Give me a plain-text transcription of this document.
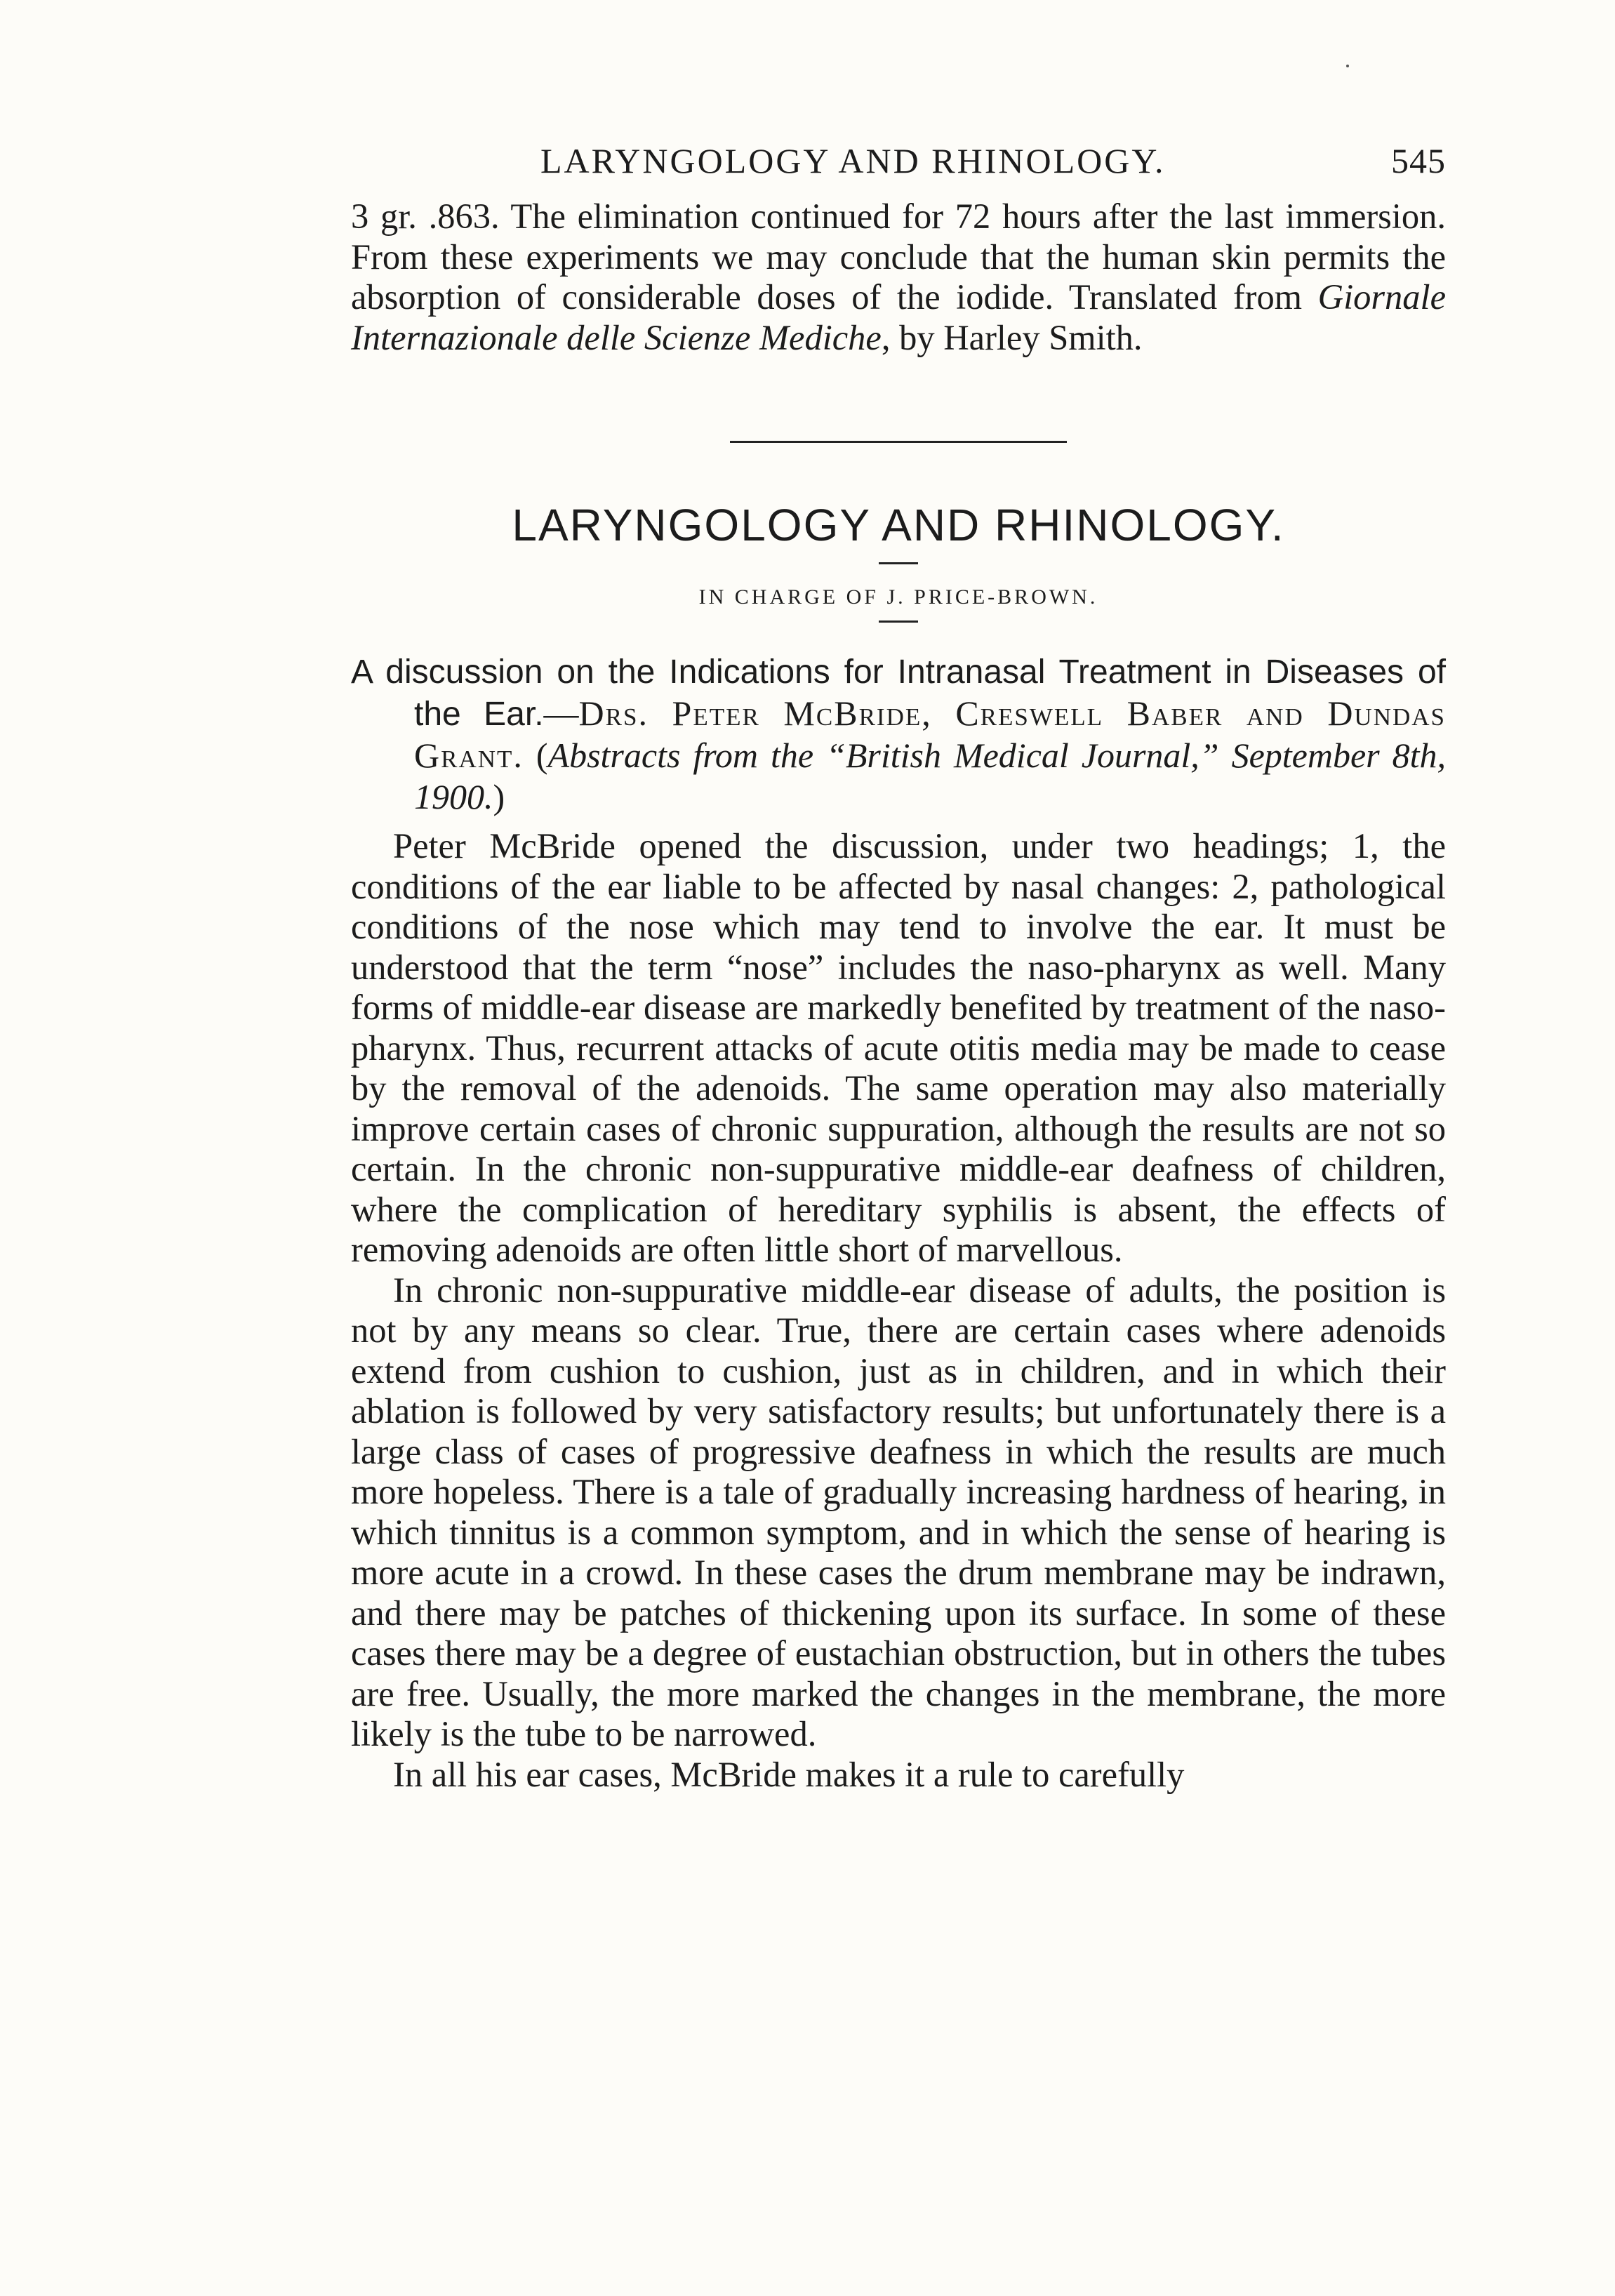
LARYNGOLOGY AND RHINOLOGY.	545

3 gr. .863. The elimination continued for 72 hours after the last immersion. From these experiments we may conclude that the human skin permits the absorption of considerable doses of the iodide. Translated from Giornale Internazionale delle Scienze Mediche, by Harley Smith.

LARYNGOLOGY AND RHINOLOGY.
IN CHARGE OF J. PRICE-BROWN.

A discussion on the Indications for Intranasal Treatment in Diseases of the Ear.—Drs. Peter McBride, Creswell Baber and Dundas Grant. (Abstracts from the “British Medical Journal,” September 8th, 1900.)

Peter McBride opened the discussion, under two headings; 1, the conditions of the ear liable to be affected by nasal changes: 2, pathological conditions of the nose which may tend to involve the ear. It must be understood that the term “nose” includes the naso-pharynx as well. Many forms of middle-ear disease are markedly benefited by treatment of the naso-pharynx. Thus, recurrent attacks of acute otitis media may be made to cease by the removal of the adenoids. The same operation may also materially improve certain cases of chronic suppuration, although the results are not so certain. In the chronic non-suppurative middle-ear deafness of children, where the complication of hereditary syphilis is absent, the effects of removing adenoids are often little short of marvellous.

In chronic non-suppurative middle-ear disease of adults, the position is not by any means so clear. True, there are certain cases where adenoids extend from cushion to cushion, just as in children, and in which their ablation is followed by very satisfactory results; but unfortunately there is a large class of cases of progressive deafness in which the results are much more hopeless. There is a tale of gradually increasing hardness of hearing, in which tinnitus is a common symptom, and in which the sense of hearing is more acute in a crowd. In these cases the drum membrane may be indrawn, and there may be patches of thickening upon its surface. In some of these cases there may be a degree of eustachian obstruction, but in others the tubes are free. Usually, the more marked the changes in the membrane, the more likely is the tube to be narrowed.

In all his ear cases, McBride makes it a rule to carefully
